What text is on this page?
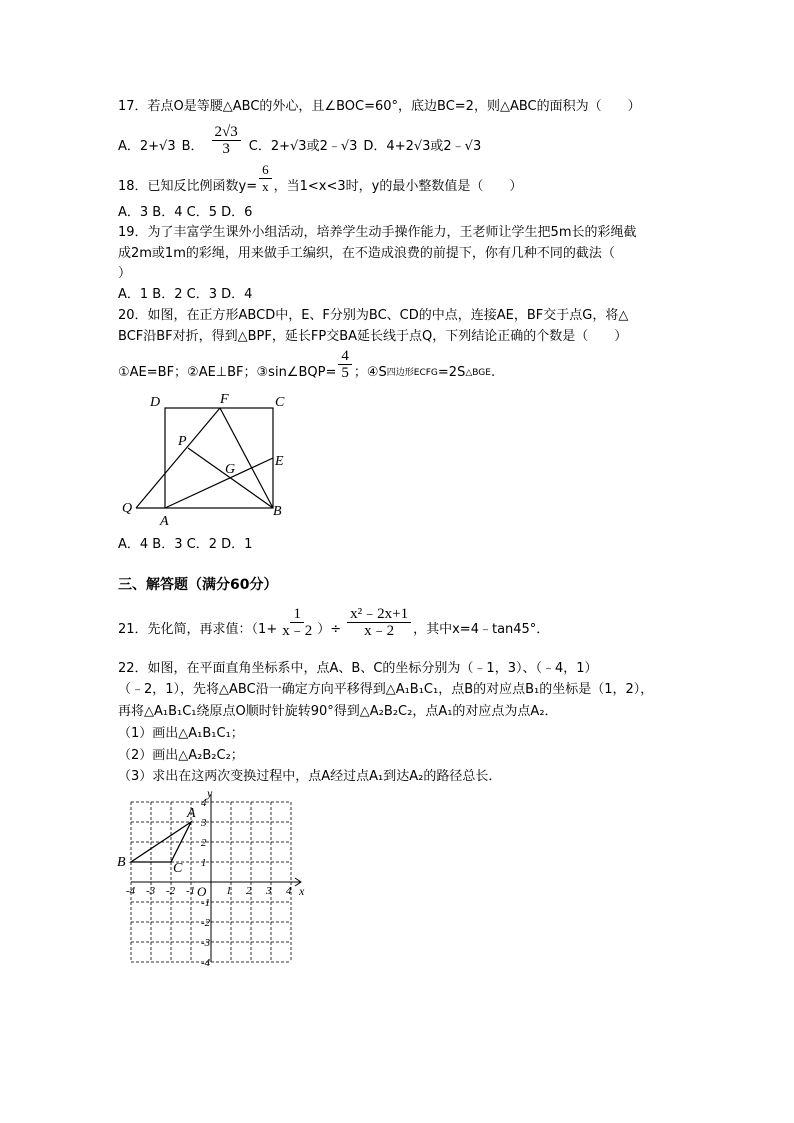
17．若点O是等腰△ABC的外心，且∠BOC=60°，底边BC=2，则△ABC的面积为（　　）
A．2+√3 B． $\frac{2√3}{3}$ C．2+√3或2﹣√3 D．4+2√3或2﹣√3
18．已知反比例函数$y= \frac{6}{x}$ ，当1<x<3时，y的最小整数值是（　　）
A．3 B．4 C．5 D．6
19．为了丰富学生课外小组活动，培养学生动手操作能力，王老师让学生把5m长的彩绳截
成2m或1m的彩绳，用来做手工编织，在不造成浪费的前提下，你有几种不同的截法（
）
A．1 B．2 C．3 D．4
20．如图，在正方形ABCD中，E、F分别为BC、CD的中点，连接AE，BF交于点G，将△
BCF沿BF对折，得到△BPF，延长FP交BA延长线于点Q，下列结论正确的个数是（　　）
①AE=BF；②AE⊥BF；③sin∠BQP= $\frac{4}{5}$ ；④S 四边形ECFG =2S △BGE .
D	F	C
P
G
E
Q
A
B
A．4 B．3 C．2 D．1
三、解答题（满分60分）
21．先化简，再求值：（$1+ \frac{1}{x﹣2}$ ）÷ $\frac{\text{x²﹣2x+1}}{x﹣2}$ ，其中x=4﹣tan45°．
22．如图，在平面直角坐标系中，点A、B、C的坐标分别为（﹣1，3）、（﹣4，1）
（﹣2，1），先将△ABC沿一确定方向平移得到△A₁B₁C₁，点B的对应点B₁的坐标是（1，2），
再将△A₁B₁C₁绕原点O顺时针旋转90°得到△A₂B₂C₂，点A₁的对应点为点A₂．
（1）画出△A₁B₁C₁；
（2）画出△A₂B₂C₂；
（3）求出在这两次变换过程中，点A经过点A₁到达A₂的路径总长．
-4 -3 -2 -1	1 2 3 4
4
3
2
1
-1
-2
-3
-4
x
y
O
A
B	C
